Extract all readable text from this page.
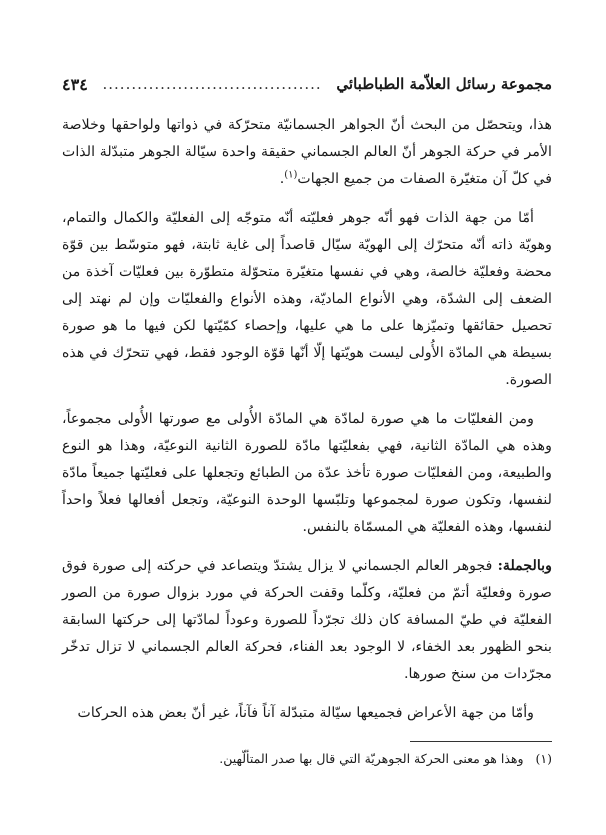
مجموعة رسائل العلاّمة الطباطبائي
......................................
٤٣٤

هذا، ويتحصّل من البحث أنّ الجواهر الجسمانيّة متحرّكة في ذواتها ولواحقها وخلاصة الأمر في حركة الجوهر أنّ العالم الجسماني حقيقة واحدة سيّالة الجوهر متبدّلة الذات في كلّ آن متغيّرة الصفات من جميع الجهات$^{(١)}$.

أمّا من جهة الذات فهو أنّه جوهر فعليّته أنّه متوجّه إلى الفعليّة والكمال والتمام، وهويّة ذاته أنّه متحرّك إلى الهويّة سيّال قاصداً إلى غاية ثابتة، فهو متوسّط بين قوّة محضة وفعليّة خالصة، وهي في نفسها متغيّرة متحوّلة متطوّرة بين فعليّات آخذة من الضعف إلى الشدّة، وهي الأنواع الماديّة، وهذه الأنواع والفعليّات وإن لم نهتد إلى تحصيل حقائقها وتميّزها على ما هي عليها، وإحصاء كمّيّتها لكن فيها ما هو صورة بسيطة هي المادّة الأُولى ليست هويّتها إلّا أنّها قوّة الوجود فقط، فهي تتحرّك في هذه الصورة.

ومن الفعليّات ما هي صورة لمادّة هي المادّة الأُولى مع صورتها الأُولى مجموعاً، وهذه هي المادّة الثانية، فهي بفعليّتها مادّة للصورة الثانية النوعيّة، وهذا هو النوع والطبيعة، ومن الفعليّات صورة تأخذ عدّة من الطبائع وتجعلها على فعليّتها جميعاً مادّة لنفسها، وتكون صورة لمجموعها وتلبّسها الوحدة النوعيّة، وتجعل أفعالها فعلاً واحداً لنفسها، وهذه الفعليّة هي المسمّاة بالنفس.

وبالجملة: فجوهر العالم الجسماني لا يزال يشتدّ ويتصاعد في حركته إلى صورة فوق صورة وفعليّة أتمّ من فعليّة، وكلّما وقفت الحركة في مورد بزوال صورة من الصور الفعليّة في طيّ المسافة كان ذلك تجرّداً للصورة وعوداً لمادّتها إلى حركتها السابقة بنحو الظهور بعد الخفاء، لا الوجود بعد الفناء، فحركة العالم الجسماني لا تزال تدخّر مجرّدات من سنخ صورها.

وأمّا من جهة الأعراض فجميعها سيّالة متبدّلة آناً فآناً، غير أنّ بعض هذه الحركات

(١) وهذا هو معنى الحركة الجوهريّة التي قال بها صدر المتألّهين.
